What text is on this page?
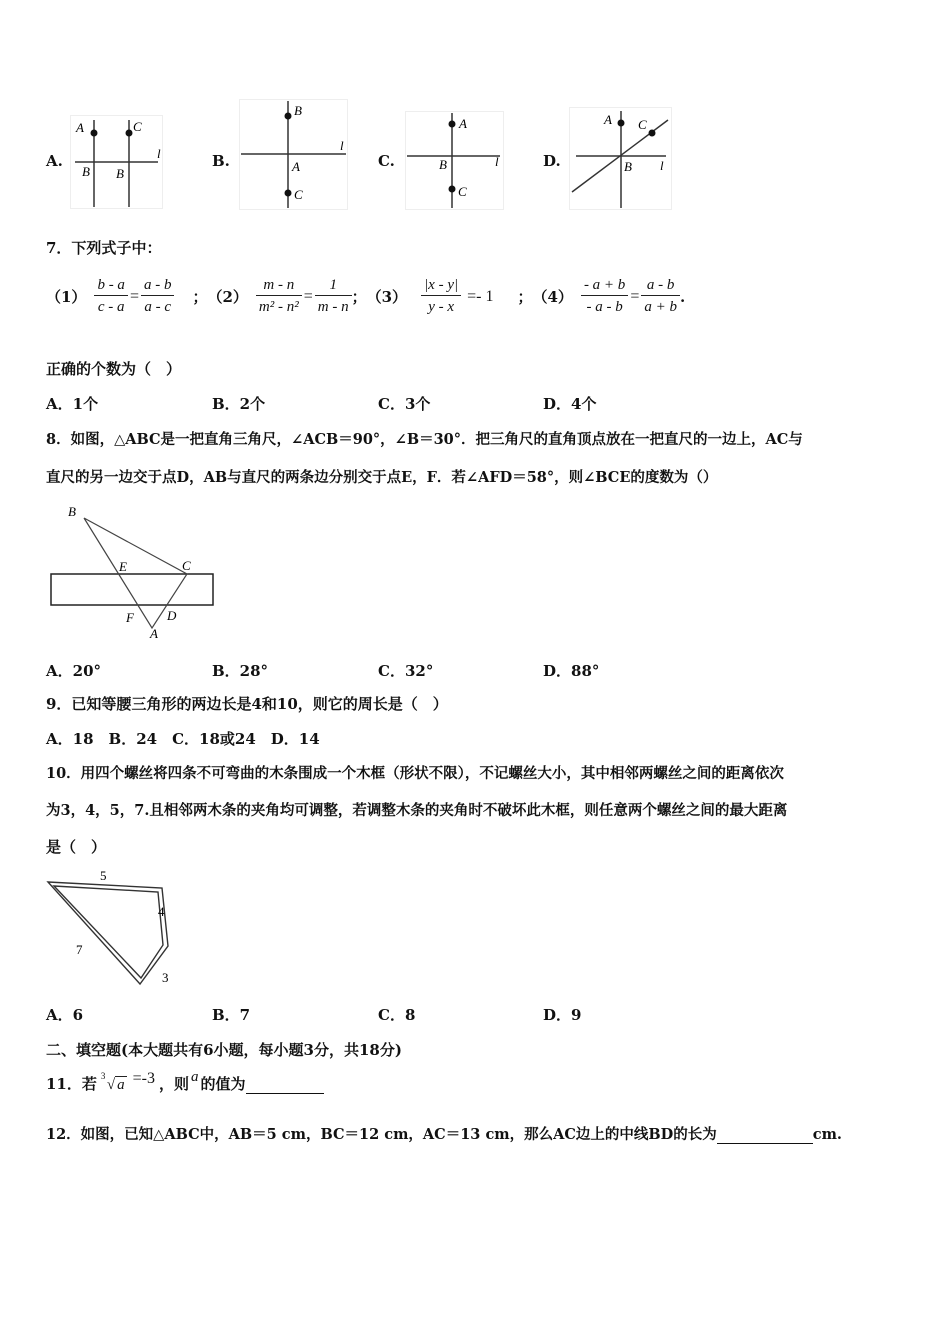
A.
A	C
B B
l	B.
B
A
C
l
C.
A
B
C
l	D.
A C
B l
7．下列式子中：
$(1) \frac{b - a}{c - a} = \frac{a - b}{a - c}$ ； $(2) \frac{m - n}{\text{m² - n²}} = \frac{1}{m - n}$ ； $(3) \frac{|x - y|}{y - x} =- 1$ ； $(4) \frac{- a + b}{- a - b} = \frac{a - b}{a + b}$ .
正确的个数为（　）
A．1个	B．2个	C．3个	D．4个
8．如图，△ABC是一把直角三角尺，∠ACB＝90°，∠B＝30°．把三角尺的直角顶点放在一把直尺的一边上，AC与
直尺的另一边交于点D，AB与直尺的两条边分别交于点E，F．若∠AFD＝58°，则∠BCE的度数为（）
B
E	C
F	D
A
A．20°	B．28°	C．32°	D．88°
9．已知等腰三角形的两边长是4和10，则它的周长是（　）
A．18　B．24　C．18或24　D．14
10．用四个螺丝将四条不可弯曲的木条围成一个木框（形状不限），不记螺丝大小，其中相邻两螺丝之间的距离依次
为3，4，5，7.且相邻两木条的夹角均可调整，若调整木条的夹角时不破坏此木框，则任意两个螺丝之间的最大距离
是（　）
5
4
7
3
A．6	B．7	C．8	D．9
二、填空题(本大题共有6小题，每小题3分，共18分)
11．若 3
√ a =-3 ，则 a 的值为
12．如图，已知△ABC中，AB＝5 cm，BC＝12 cm，AC＝13 cm，那么AC边上的中线BD的长为	cm.
